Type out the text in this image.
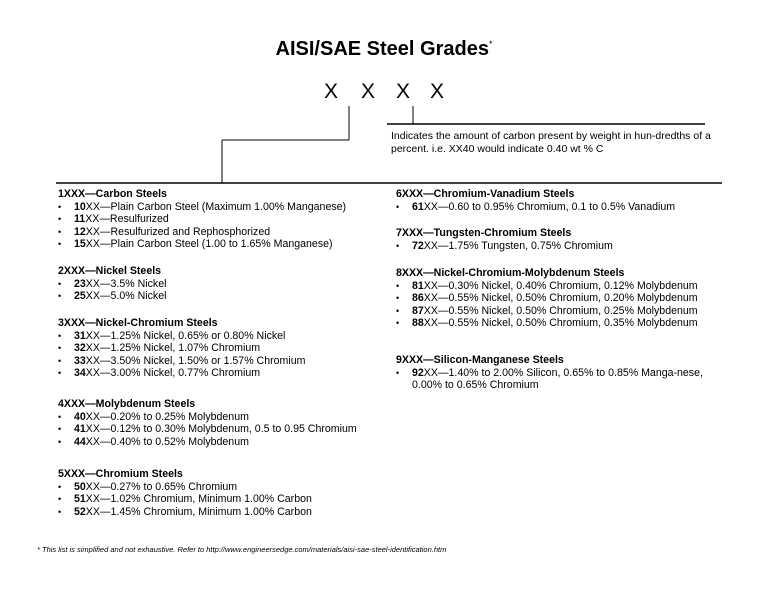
AISI/SAE Steel Grades*
X X X X
Indicates the amount of carbon present by weight in hun-dredths of a percent. i.e. XX40 would indicate 0.40 wt % C
1XXX—Carbon Steels
• 10XX—Plain Carbon Steel (Maximum 1.00% Manganese)
• 11XX—Resulfurized
• 12XX—Resulfurized and Rephosphorized
• 15XX—Plain Carbon Steel (1.00 to 1.65% Manganese)
2XXX—Nickel Steels
• 23XX—3.5% Nickel
• 25XX—5.0% Nickel
3XXX—Nickel-Chromium Steels
• 31XX—1.25% Nickel, 0.65% or 0.80% Nickel
• 32XX—1.25% Nickel, 1.07% Chromium
• 33XX—3.50% Nickel, 1.50% or 1.57% Chromium
• 34XX—3.00% Nickel, 0.77% Chromium
4XXX—Molybdenum Steels
• 40XX—0.20% to 0.25% Molybdenum
• 41XX—0.12% to 0.30% Molybdenum, 0.5 to 0.95 Chromium
• 44XX—0.40% to 0.52% Molybdenum
5XXX—Chromium Steels
• 50XX—0.27% to 0.65% Chromium
• 51XX—1.02% Chromium, Minimum 1.00% Carbon
• 52XX—1.45% Chromium, Minimum 1.00% Carbon
6XXX—Chromium-Vanadium Steels
• 61XX—0.60 to 0.95% Chromium, 0.1 to 0.5% Vanadium
7XXX—Tungsten-Chromium Steels
• 72XX—1.75% Tungsten, 0.75% Chromium
8XXX—Nickel-Chromium-Molybdenum Steels
• 81XX—0.30% Nickel, 0.40% Chromium, 0.12% Molybdenum
• 86XX—0.55% Nickel, 0.50% Chromium, 0.20% Molybdenum
• 87XX—0.55% Nickel, 0.50% Chromium, 0.25% Molybdenum
• 88XX—0.55% Nickel, 0.50% Chromium, 0.35% Molybdenum
9XXX—Silicon-Manganese Steels
• 92XX—1.40% to 2.00% Silicon, 0.65% to 0.85% Manga-nese, 0.00% to 0.65% Chromium
* This list is simplified and not exhaustive. Refer to http://www.engineersedge.com/materials/aisi-sae-steel-identification.htm
